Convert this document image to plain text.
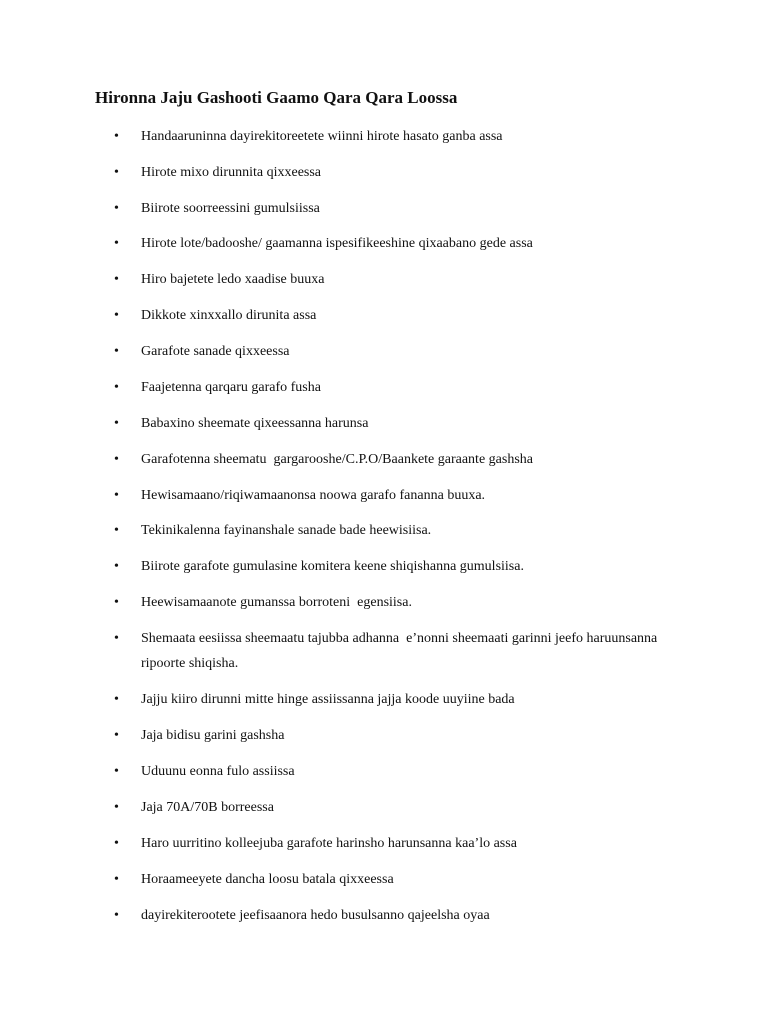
Hironna Jaju Gashooti Gaamo Qara Qara Loossa
• Handaaruninna dayirekitoreetete wiinni hirote hasato ganba assa
• Hirote mixo dirunnita qixxeessa
• Biirote soorreessini gumulsiissa
• Hirote lote/badooshe/ gaamanna ispesifikeeshine qixaabano gede assa
• Hiro bajetete ledo xaadise buuxa
• Dikkote xinxxallo dirunita assa
• Garafote sanade qixxeessa
• Faajetenna qarqaru garafo fusha
• Babaxino sheemate qixeessanna harunsa
• Garafotenna sheematu  gargarooshe/C.P.O/Baankete garaante gashsha
• Hewisamaano/riqiwamaanonsa noowa garafo fananna buuxa.
• Tekinikalenna fayinanshale sanade bade heewisiisa.
• Biirote garafote gumulasine komitera keene shiqishanna gumulsiisa.
• Heewisamaanote gumanssa borroteni  egensiisa.
• Shemaata eesiissa sheemaatu tajubba adhanna  e’nonni sheemaati garinni jeefo haruunsanna ripoorte shiqisha.
• Jajju kiiro dirunni mitte hinge assiissanna jajja koode uuyiine bada
• Jaja bidisu garini gashsha
• Uduunu eonna fulo assiissa
• Jaja 70A/70B borreessa
• Haro uurritino kolleejuba garafote harinsho harunsanna kaa’lo assa
• Horaameeyete dancha loosu batala qixxeessa
• dayirekiterootete jeefisaanora hedo busulsanno qajeelsha oyaa
